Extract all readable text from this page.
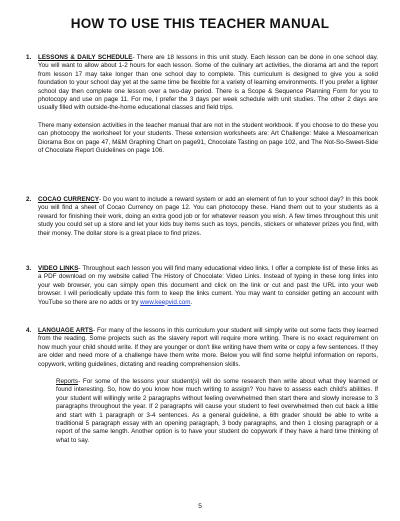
HOW TO USE THIS TEACHER MANUAL
1. LESSONS & DAILY SCHEDULE- There are 18 lessons in this unit study. Each lesson can be done in one school day. You will want to allow about 1-2 hours for each lesson. Some of the culinary art activities, the diorama art and the report from lesson 17 may take longer than one school day to complete. This curriculum is designed to give you a solid foundation to your school day yet at the same time be flexible for a variety of learning environments. If you prefer a lighter school day then complete one lesson over a two-day period. There is a Scope & Sequence Planning Form for you to photocopy and use on page 11. For me, I prefer the 3 days per week schedule with unit studies. The other 2 days are usually filled with outside-the-home educational classes and field trips.

There many extension activities in the teacher manual that are not in the student workbook. If you choose to do these you can photocopy the worksheet for your students. These extension worksheets are: Art Challenge: Make a Mesoamerican Diorama Box on page 47, M&M Graphing Chart on page91, Chocolate Tasting on page 102, and The Not-So-Sweet-Side of Chocolate Report Guidelines on page 106.

2. COCAO CURRENCY- Do you want to include a reward system or add an element of fun to your school day? In this book you will find a sheet of Cocao Currency on page 12. You can photocopy these. Hand them out to your students as a reward for finishing their work, doing an extra good job or for whatever reason you wish. A few times throughout this unit study you could set up a store and let your kids buy items such as toys, pencils, stickers or whatever prizes you find, with their money. The dollar store is a great place to find prizes.

3. VIDEO LINKS- Throughout each lesson you will find many educational video links. I offer a complete list of these links as a PDF download on my website called The History of Chocolate: Video Links. Instead of typing in these long links into your web browser, you can simply open this document and click on the link or cut and past the URL into your web browser. I will periodically update this form to keep the links current. You may want to consider getting an account with YouTube so there are no adds or try www.keepvid.com.

4. LANGUAGE ARTS- For many of the lessons in this curriculum your student will simply write out some facts they learned from the reading. Some projects such as the slavery report will require more writing. There is no exact requirement on how much your child should write. If they are younger or don't like writing have them write or copy a few sentences. If they are older and need more of a challenge have them write more. Below you will find some helpful information on reports, copywork, writing guidelines, dictating and reading comprehension skills.

Reports- For some of the lessons your student(s) will do some research then write about what they learned or found interesting. So, how do you know how much writing to assign? You have to assess each child's abilities. If your student will willingly write 2 paragraphs without feeling overwhelmed then start there and slowly increase to 3 paragraphs throughout the year. If 2 paragraphs will cause your student to feel overwhelmed then cut back a little and start with 1 paragraph or 3-4 sentences. As a general guideline, a 6th grader should be able to write a traditional 5 paragraph essay with an opening paragraph, 3 body paragraphs, and then 1 closing paragraph or a report of the same length. Another option is to have your student do copywork if they have a hard time thinking of what to say.

5
